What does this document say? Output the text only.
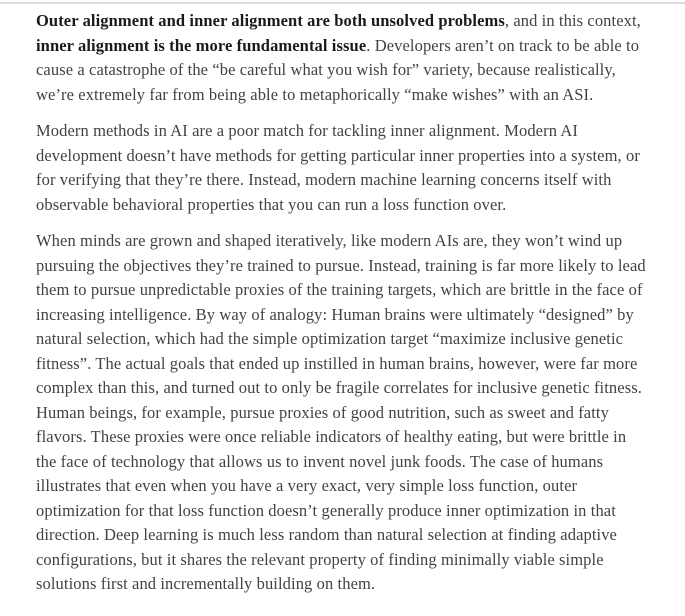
Outer alignment and inner alignment are both unsolved problems, and in this context, inner alignment is the more fundamental issue. Developers aren’t on track to be able to cause a catastrophe of the “be careful what you wish for” variety, because realistically, we’re extremely far from being able to metaphorically “make wishes” with an ASI.

Modern methods in AI are a poor match for tackling inner alignment. Modern AI development doesn’t have methods for getting particular inner properties into a system, or for verifying that they’re there. Instead, modern machine learning concerns itself with observable behavioral properties that you can run a loss function over.

When minds are grown and shaped iteratively, like modern AIs are, they won’t wind up pursuing the objectives they’re trained to pursue. Instead, training is far more likely to lead them to pursue unpredictable proxies of the training targets, which are brittle in the face of increasing intelligence. By way of analogy: Human brains were ultimately “designed” by natural selection, which had the simple optimization target “maximize inclusive genetic fitness”. The actual goals that ended up instilled in human brains, however, were far more complex than this, and turned out to only be fragile correlates for inclusive genetic fitness. Human beings, for example, pursue proxies of good nutrition, such as sweet and fatty flavors. These proxies were once reliable indicators of healthy eating, but were brittle in the face of technology that allows us to invent novel junk foods. The case of humans illustrates that even when you have a very exact, very simple loss function, outer optimization for that loss function doesn’t generally produce inner optimization in that direction. Deep learning is much less random than natural selection at finding adaptive configurations, but it shares the relevant property of finding minimally viable simple solutions first and incrementally building on them.
